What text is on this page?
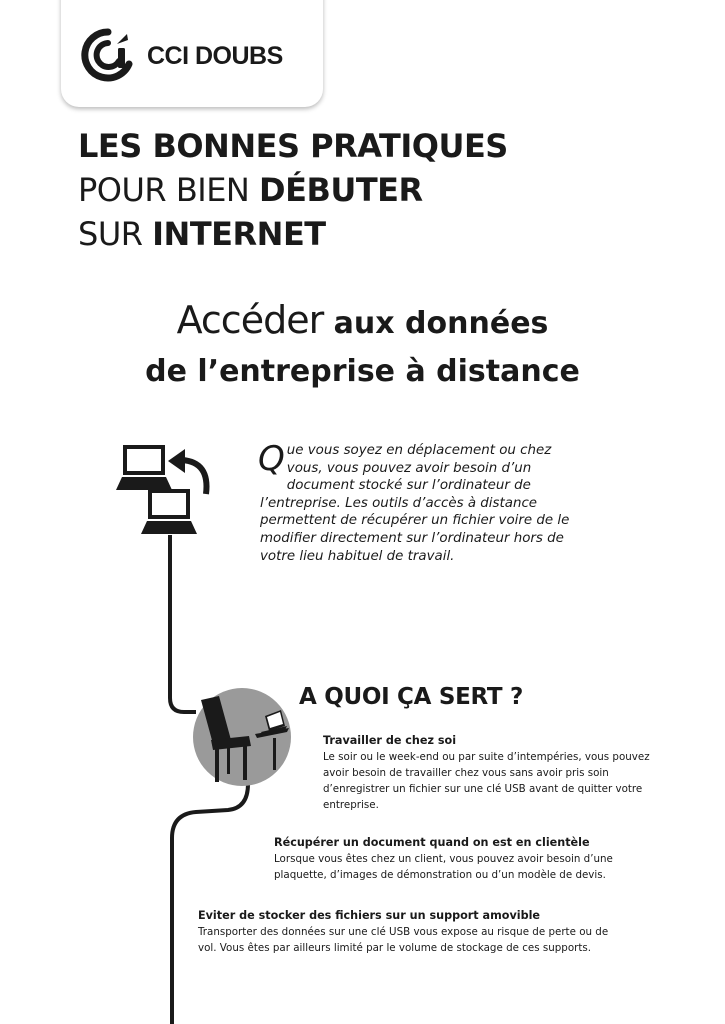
CCI DOUBS
LES BONNES PRATIQUES
POUR BIEN DÉBUTER
SUR INTERNET
Accéder aux données
de l’entreprise à distance
Que vous soyez en déplacement ou chez vous, vous pouvez avoir besoin d’un document stocké sur l’ordinateur de l’entreprise. Les outils d’accès à distance permettent de récupérer un fichier voire de le modifier directement sur l’ordinateur hors de votre lieu habituel de travail.
A QUOI ÇA SERT ?
Travailler de chez soi
Le soir ou le week-end ou par suite d’intempéries, vous pouvez avoir besoin de travailler chez vous sans avoir pris soin d’enregistrer un fichier sur une clé USB avant de quitter votre entreprise.
Récupérer un document quand on est en clientèle
Lorsque vous êtes chez un client, vous pouvez avoir besoin d’une plaquette, d’images de démonstration ou d’un modèle de devis.
Eviter de stocker des fichiers sur un support amovible
Transporter des données sur une clé USB vous expose au risque de perte ou de vol. Vous êtes par ailleurs limité par le volume de stockage de ces supports.
